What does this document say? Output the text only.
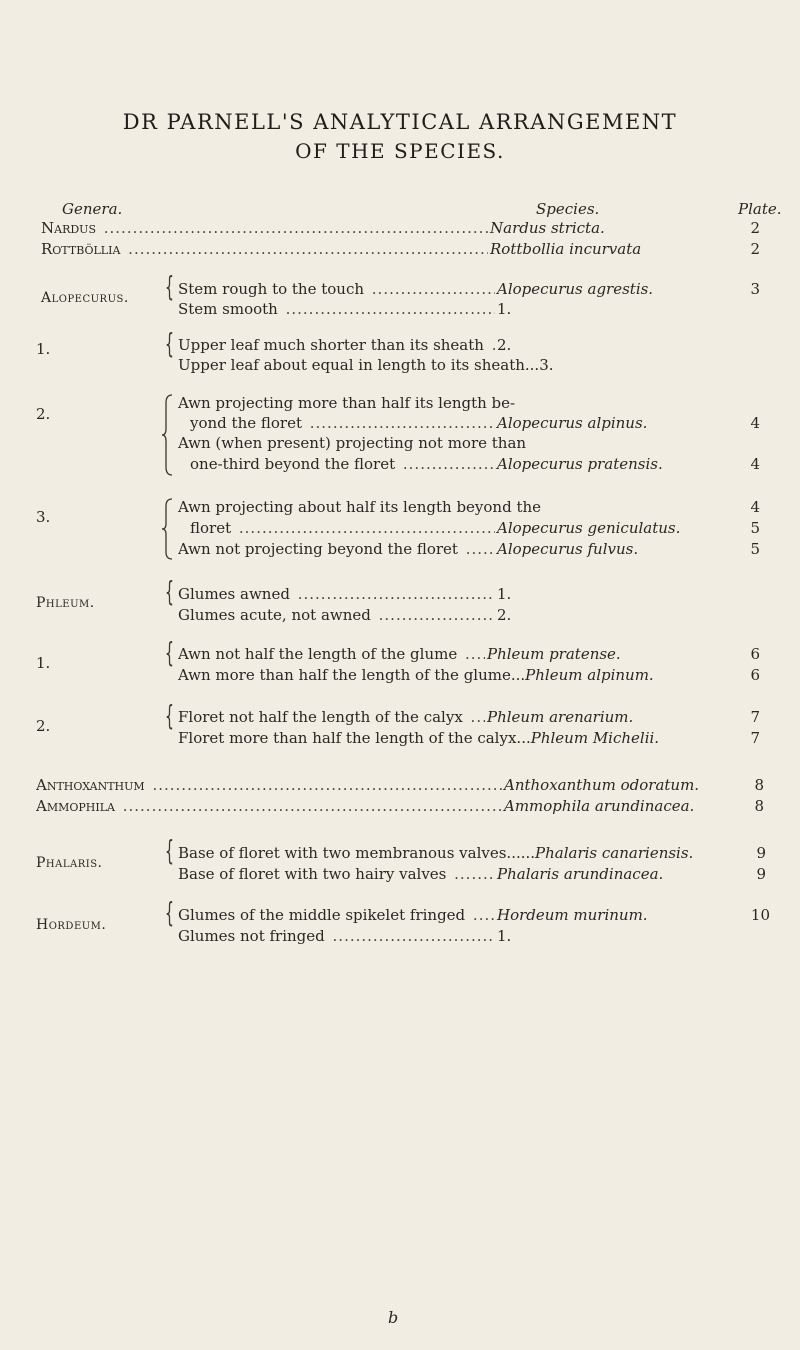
DR PARNELL'S ANALYTICAL ARRANGEMENT
OF THE SPECIES.
Genera.	Species.	Plate.
Nardus .....	Nardus stricta.	2
Rottböllia .....	Rottbollia incurvata	2
Alopecurus. { Stem rough to the touch .....	Alopecurus agrestis.	3
Stem smooth .....	1.
1.	{ Upper leaf much shorter than its sheath ..... 2.
Upper leaf about equal in length to its sheath...3.
2.
Awn projecting more than half its length be-
yond the floret .....	Alopecurus alpinus.	4
Awn (when present) projecting not more than
one-third beyond the floret .....	Alopecurus pratensis.	4
3.
Awn projecting about half its length beyond the	4
floret .....	Alopecurus geniculatus.	5
Awn not projecting beyond the floret .....	Alopecurus fulvus.	5
Phleum.	{ Glumes awned .....	1.
Glumes acute, not awned .....	2.
1.	{ Awn not half the length of the glume .....	Phleum pratense.	6
Awn more than half the length of the glume...Phleum alpinum.	6
2.	{ Floret not half the length of the calyx .....	Phleum arenarium.	7
Floret more than half the length of the calyx...Phleum Michelii.	7
Anthoxanthum .....	Anthoxanthum odoratum.	8
Ammophila .....	Ammophila arundinacea.	8
Phalaris. { Base of floret with two membranous valves......Phalaris canariensis.	9
Base of floret with two hairy valves .....	Phalaris arundinacea.	9
Hordeum. { Glumes of the middle spikelet fringed .....	Hordeum murinum.	10
Glumes not fringed .....	1.
b
